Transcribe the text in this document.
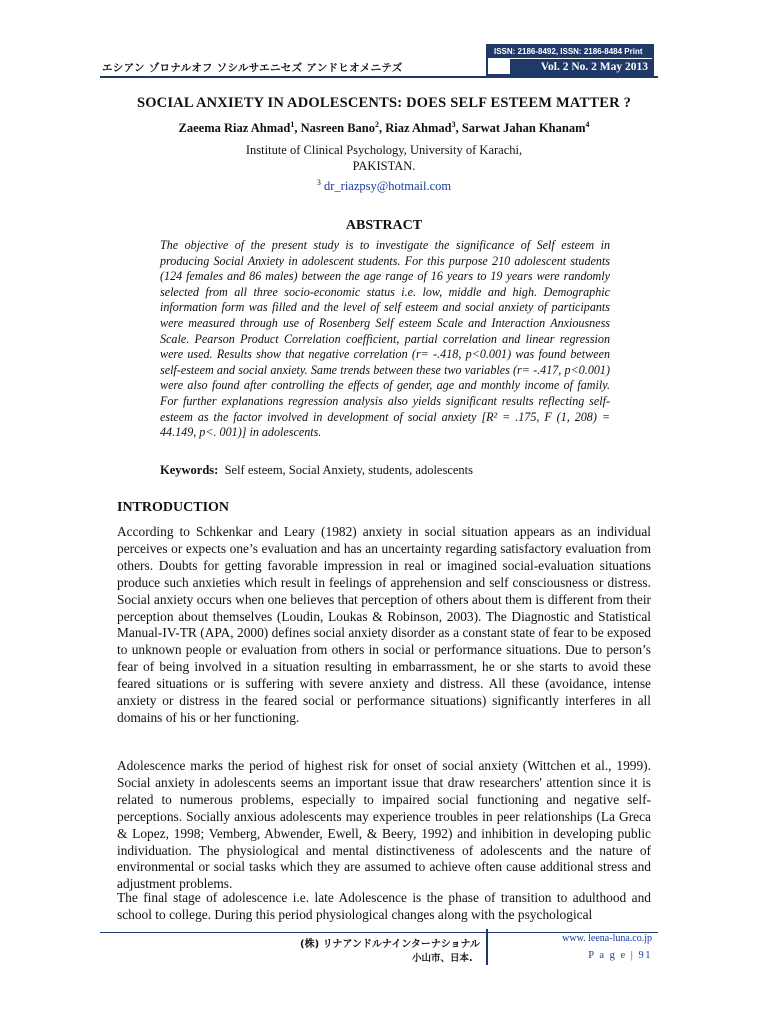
エシアン ゾロナルオフ ソシルサエニセズ アンドヒオメニテズ
ISSN: 2186-8492, ISSN: 2186-8484 Print
Vol. 2 No. 2 May 2013
SOCIAL ANXIETY IN ADOLESCENTS: DOES SELF ESTEEM MATTER ?
Zaeema Riaz Ahmad$^1$, Nasreen Bano$^2$, Riaz Ahmad$^3$, Sarwat Jahan Khanam$^4$
Institute of Clinical Psychology, University of Karachi,
PAKISTAN.
$^3$ dr_riazpsy@hotmail.com
ABSTRACT
The objective of the present study is to investigate the significance of Self esteem in producing Social Anxiety in adolescent students. For this purpose 210 adolescent students (124 females and 86 males) between the age range of 16 years to 19 years were randomly selected from all three socio-economic status i.e. low, middle and high. Demographic information form was filled and the level of self esteem and social anxiety of participants were measured through use of Rosenberg Self esteem Scale and Interaction Anxiousness Scale. Pearson Product Correlation coefficient, partial correlation and linear regression were used. Results show that negative correlation (r= -.418, p<0.001) was found between self-esteem and social anxiety. Same trends between these two variables (r= -.417, p<0.001) were also found after controlling the effects of gender, age and monthly income of family. For further explanations regression analysis also yields significant results reflecting self-esteem as the factor involved in development of social anxiety [R² = .175, F (1, 208) = 44.149, p<. 001)] in adolescents.
Keywords: Self esteem, Social Anxiety, students, adolescents
INTRODUCTION

According to Schkenkar and Leary (1982) anxiety in social situation appears as an individual perceives or expects one’s evaluation and has an uncertainty regarding satisfactory evaluation from others. Doubts for getting favorable impression in real or imagined social-evaluation situations produce such anxieties which result in feelings of apprehension and self consciousness or distress. Social anxiety occurs when one believes that perception of others about them is different from their perception about themselves (Loudin, Loukas & Robinson, 2003). The Diagnostic and Statistical Manual-IV-TR (APA, 2000) defines social anxiety disorder as a constant state of fear to be exposed to unknown people or evaluation from others in social or performance situations. Due to person’s fear of being involved in a situation resulting in embarrassment, he or she starts to avoid these feared situations or is suffering with severe anxiety and distress. All these (avoidance, intense anxiety or distress in the feared social or performance situations) significantly interferes in all domains of his or her functioning.

Adolescence marks the period of highest risk for onset of social anxiety (Wittchen et al., 1999). Social anxiety in adolescents seems an important issue that draw researchers' attention since it is related to numerous problems, especially to impaired social functioning and negative self-perceptions. Socially anxious adolescents may experience troubles in peer relationships (La Greca & Lopez, 1998; Vemberg, Abwender, Ewell, & Beery, 1992) and inhibition in developing public individuation. The physiological and mental distinctiveness of adolescents and the nature of environmental or social tasks which they are assumed to achieve often cause additional stress and adjustment problems.

The final stage of adolescence i.e. late Adolescence is the phase of transition to adulthood and school to college. During this period physiological changes along with the psychological

(株) リナアンドルナインターナショナル
小山市、日本.
www. leena-luna.co.jp
P a g e | 91
